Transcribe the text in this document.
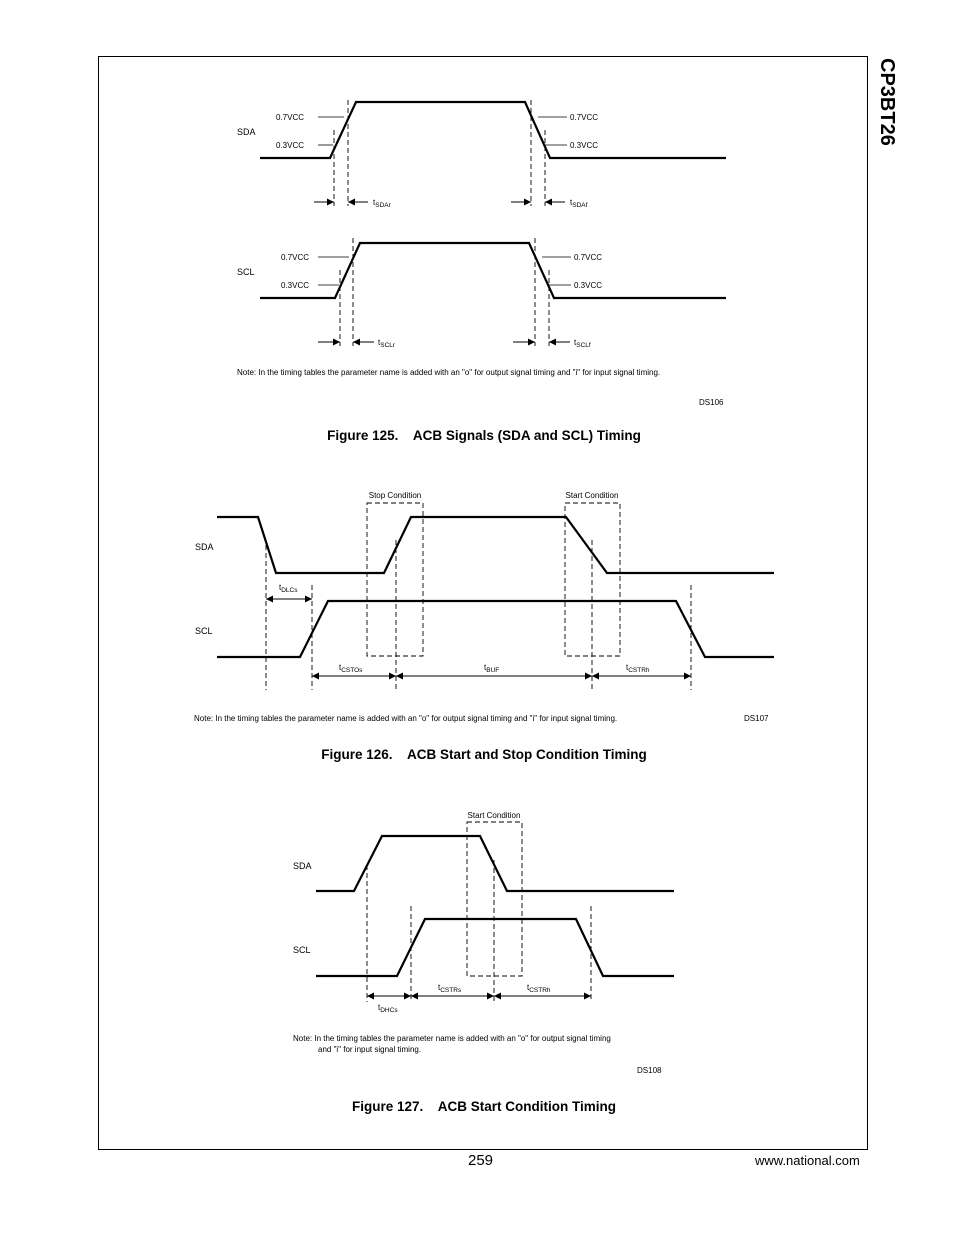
CP3BT26
SDA
0.7VCC
0.3VCC
0.7VCC
0.3VCC
$t_{SDAr}$	$t_{SDAf}$
SCL
0.7VCC
0.3VCC
0.7VCC
0.3VCC
$t_{SCLr}$	$t_{SCLf}$
Note: In the timing tables the parameter name is added with an "o" for output signal timing and "i" for input signal timing.
DS106
Figure 125.    ACB Signals (SDA and SCL) Timing
Stop Condition	Start Condition
SDA
SCL
$t_{DLCs}$
$t_{CSTOs}$	$t_{BUF}$	$t_{CSTRh}$
Note: In the timing tables the parameter name is added with an "o" for output signal timing and "i" for input signal timing.	DS107
Figure 126.    ACB Start and Stop Condition Timing
Start Condition
SDA
SCL
$t_{DHCs}$
$t_{CSTRs}$	$t_{CSTRh}$
Note: In the timing tables the parameter name is added with an "o" for output signal timing
and "i" for input signal timing.
DS108
Figure 127.    ACB Start Condition Timing
259	www.national.com
